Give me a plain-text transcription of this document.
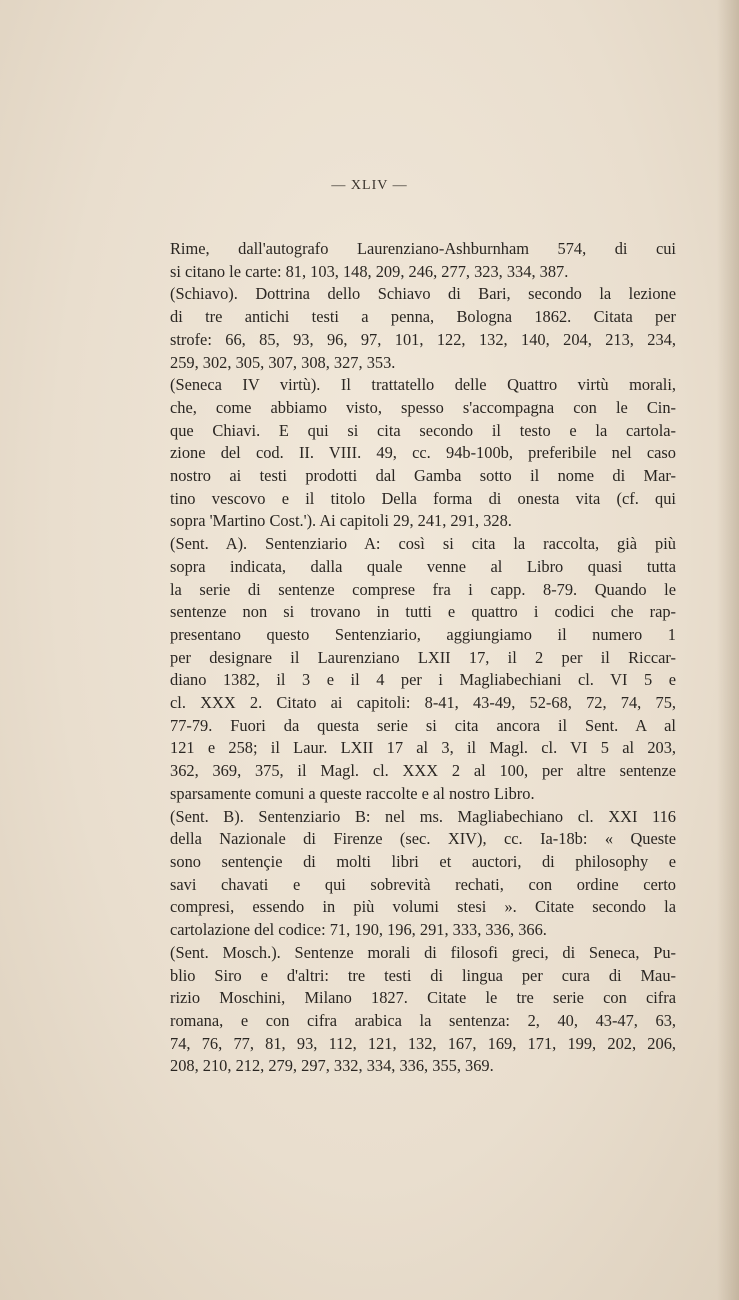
— XLIV —

Rime, dall'autografo Laurenziano-Ashburnham 574, di cui
si citano le carte: 81, 103, 148, 209, 246, 277, 323, 334, 387.

(Schiavo). Dottrina dello Schiavo di Bari, secondo la lezione
di tre antichi testi a penna, Bologna 1862. Citata per
strofe: 66, 85, 93, 96, 97, 101, 122, 132, 140, 204, 213, 234,
259, 302, 305, 307, 308, 327, 353.

(Seneca IV virtù). Il trattatello delle Quattro virtù morali,
che, come abbiamo visto, spesso s'accompagna con le Cin-
que Chiavi. E qui si cita secondo il testo e la cartola-
zione del cod. II. VIII. 49, cc. 94b-100b, preferibile nel caso
nostro ai testi prodotti dal Gamba sotto il nome di Mar-
tino vescovo e il titolo Della forma di onesta vita (cf. qui
sopra 'Martino Cost.'). Ai capitoli 29, 241, 291, 328.

(Sent. A). Sentenziario A: così si cita la raccolta, già più
sopra indicata, dalla quale venne al Libro quasi tutta
la serie di sentenze comprese fra i capp. 8-79. Quando le
sentenze non si trovano in tutti e quattro i codici che rap-
presentano questo Sentenziario, aggiungiamo il numero 1
per designare il Laurenziano LXII 17, il 2 per il Riccar-
diano 1382, il 3 e il 4 per i Magliabechiani cl. VI 5 e
cl. XXX 2. Citato ai capitoli: 8-41, 43-49, 52-68, 72, 74, 75,
77-79. Fuori da questa serie si cita ancora il Sent. A al
121 e 258; il Laur. LXII 17 al 3, il Magl. cl. VI 5 al 203,
362, 369, 375, il Magl. cl. XXX 2 al 100, per altre sentenze
sparsamente comuni a queste raccolte e al nostro Libro.

(Sent. B). Sentenziario B: nel ms. Magliabechiano cl. XXI 116
della Nazionale di Firenze (sec. XIV), cc. Ia-18b: « Queste
sono sentençie di molti libri et auctori, di philosophy e
savi chavati e qui sobrevità rechati, con ordine certo
compresi, essendo in più volumi stesi ». Citate secondo la
cartolazione del codice: 71, 190, 196, 291, 333, 336, 366.

(Sent. Mosch.). Sentenze morali di filosofi greci, di Seneca, Pu-
blio Siro e d'altri: tre testi di lingua per cura di Mau-
rizio Moschini, Milano 1827. Citate le tre serie con cifra
romana, e con cifra arabica la sentenza: 2, 40, 43-47, 63,
74, 76, 77, 81, 93, 112, 121, 132, 167, 169, 171, 199, 202, 206,
208, 210, 212, 279, 297, 332, 334, 336, 355, 369.
